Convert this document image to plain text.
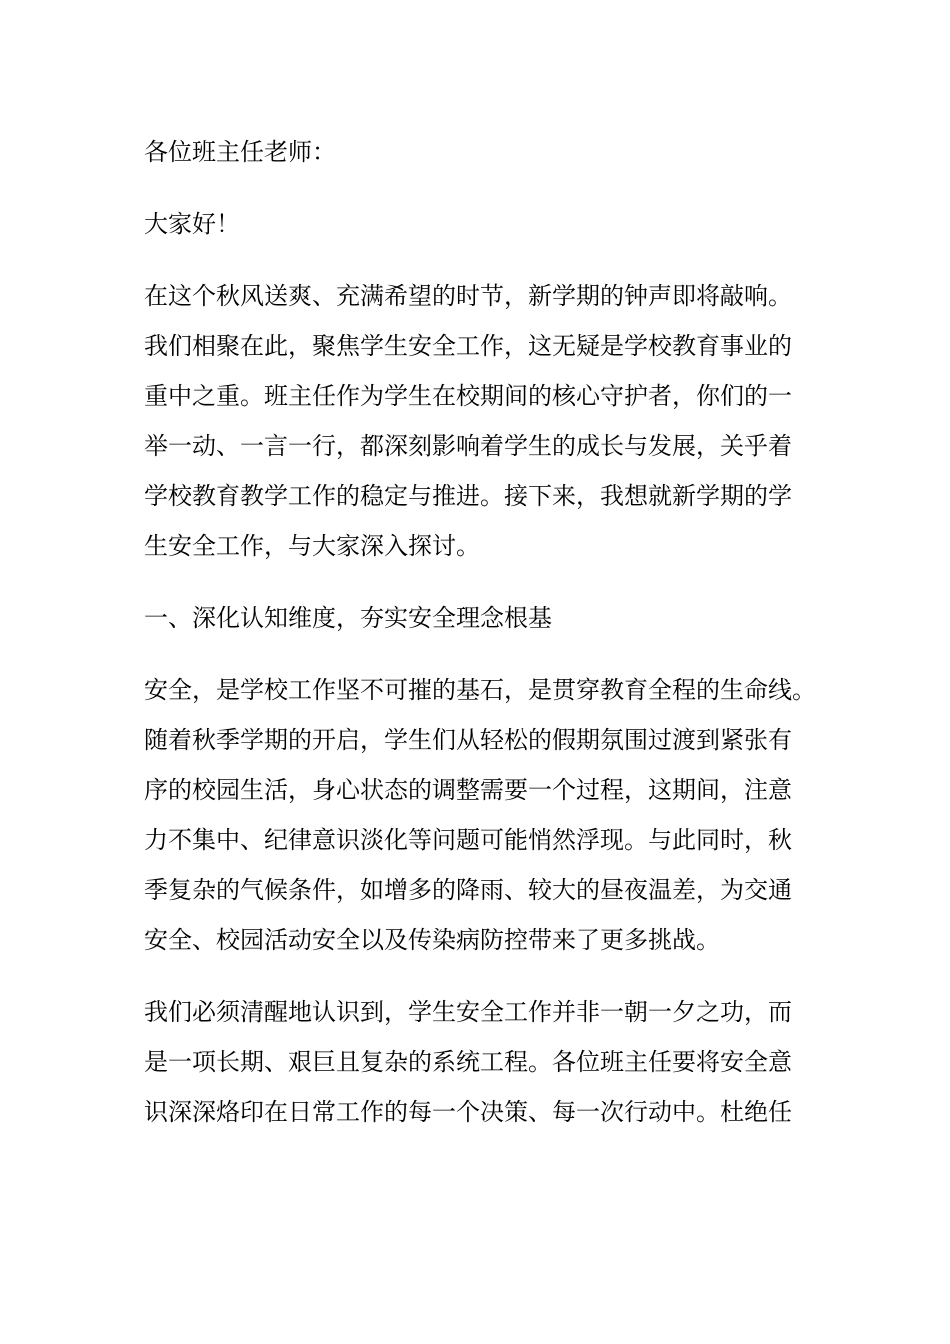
各位班主任老师：
大家好！
在这个秋风送爽、充满希望的时节，新学期的钟声即将敲响。
我们相聚在此，聚焦学生安全工作，这无疑是学校教育事业的
重中之重。班主任作为学生在校期间的核心守护者，你们的一
举一动、一言一行，都深刻影响着学生的成长与发展，关乎着
学校教育教学工作的稳定与推进。接下来，我想就新学期的学
生安全工作，与大家深入探讨。
一、深化认知维度，夯实安全理念根基
安全，是学校工作坚不可摧的基石，是贯穿教育全程的生命线。
随着秋季学期的开启，学生们从轻松的假期氛围过渡到紧张有
序的校园生活，身心状态的调整需要一个过程，这期间，注意
力不集中、纪律意识淡化等问题可能悄然浮现。与此同时，秋
季复杂的气候条件，如增多的降雨、较大的昼夜温差，为交通
安全、校园活动安全以及传染病防控带来了更多挑战。
我们必须清醒地认识到，学生安全工作并非一朝一夕之功，而
是一项长期、艰巨且复杂的系统工程。各位班主任要将安全意
识深深烙印在日常工作的每一个决策、每一次行动中。杜绝任
